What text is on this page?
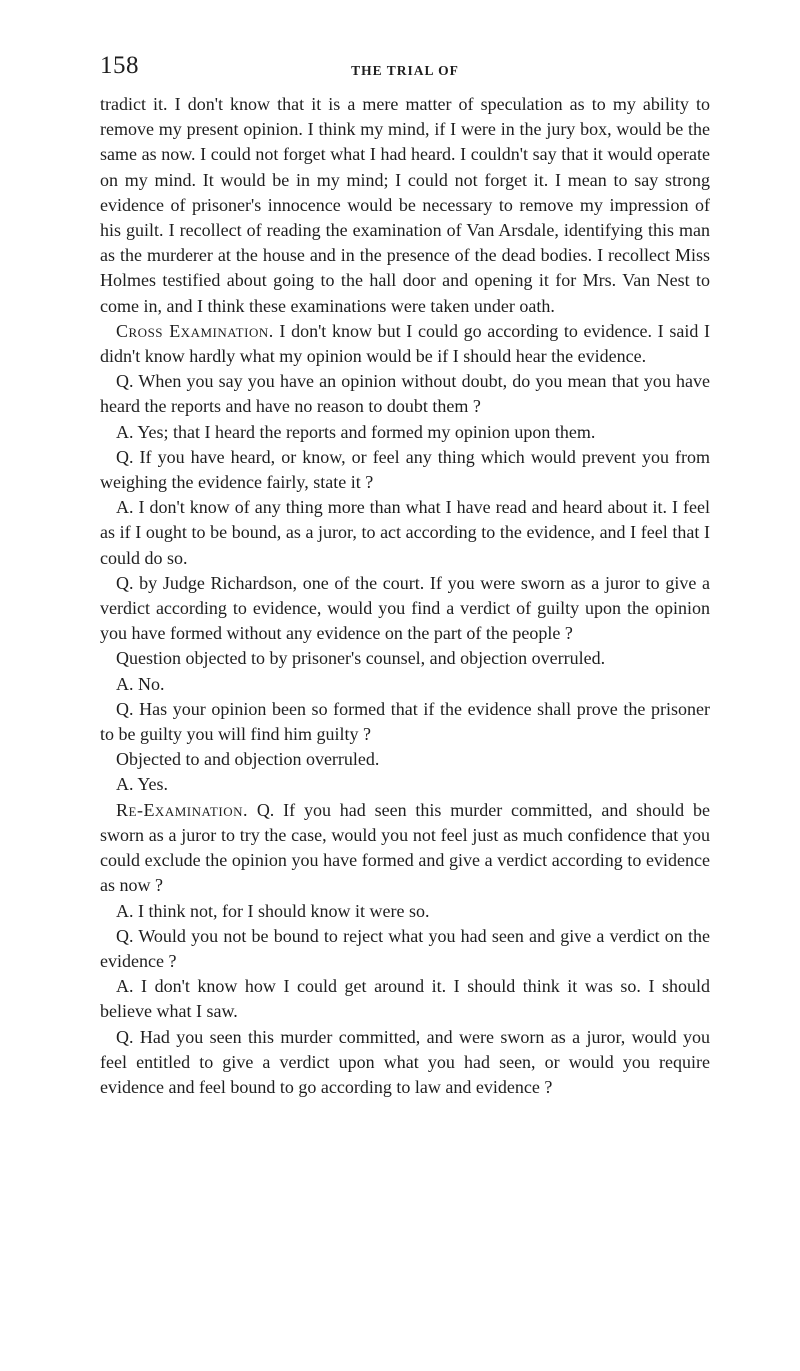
158	THE TRIAL OF

tradict it. I don't know that it is a mere matter of speculation as to my ability to remove my present opinion. I think my mind, if I were in the jury box, would be the same as now. I could not forget what I had heard. I couldn't say that it would operate on my mind. It would be in my mind; I could not forget it. I mean to say strong evidence of prisoner's innocence would be necessary to remove my impression of his guilt. I recollect of reading the examination of Van Arsdale, identifying this man as the murderer at the house and in the presence of the dead bodies. I recollect Miss Holmes testified about going to the hall door and opening it for Mrs. Van Nest to come in, and I think these examinations were taken under oath.

Cross Examination. I don't know but I could go according to evidence. I said I didn't know hardly what my opinion would be if I should hear the evidence.

Q. When you say you have an opinion without doubt, do you mean that you have heard the reports and have no reason to doubt them ?

A. Yes; that I heard the reports and formed my opinion upon them.

Q. If you have heard, or know, or feel any thing which would prevent you from weighing the evidence fairly, state it ?

A. I don't know of any thing more than what I have read and heard about it. I feel as if I ought to be bound, as a juror, to act according to the evidence, and I feel that I could do so.

Q. by Judge Richardson, one of the court. If you were sworn as a juror to give a verdict according to evidence, would you find a verdict of guilty upon the opinion you have formed without any evidence on the part of the people ?

Question objected to by prisoner's counsel, and objection overruled.

A. No.

Q. Has your opinion been so formed that if the evidence shall prove the prisoner to be guilty you will find him guilty ?

Objected to and objection overruled.

A. Yes.

Re-Examination. Q. If you had seen this murder committed, and should be sworn as a juror to try the case, would you not feel just as much confidence that you could exclude the opinion you have formed and give a verdict according to evidence as now ?

A. I think not, for I should know it were so.

Q. Would you not be bound to reject what you had seen and give a verdict on the evidence ?

A. I don't know how I could get around it. I should think it was so. I should believe what I saw.

Q. Had you seen this murder committed, and were sworn as a juror, would you feel entitled to give a verdict upon what you had seen, or would you require evidence and feel bound to go according to law and evidence ?
